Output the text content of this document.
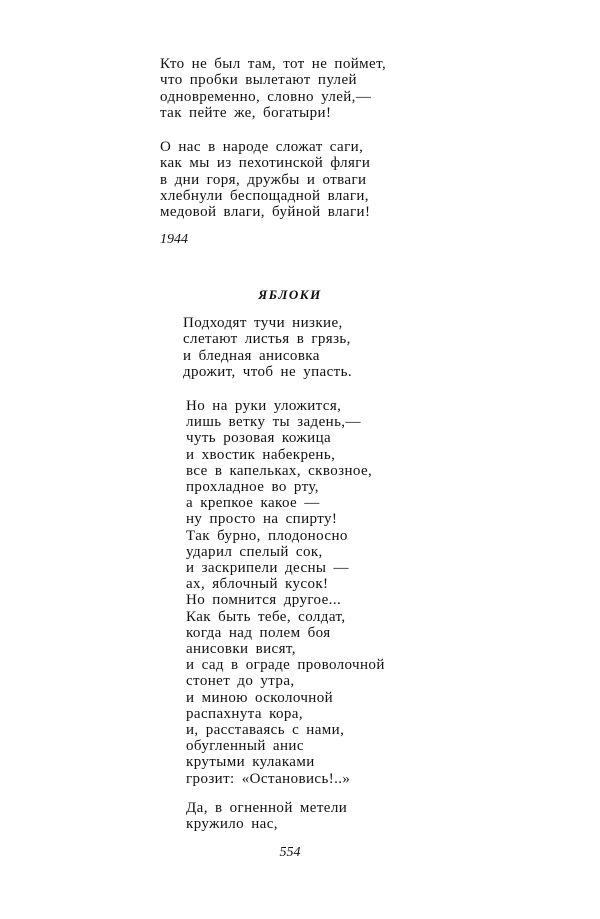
Кто не был там, тот не поймет,
что пробки вылетают пулей
одновременно, словно улей,—
так пейте же, богатыри!
О нас в народе сложат саги,
как мы из пехотинской фляги
в дни горя, дружбы и отваги
хлебнули беспощадной влаги,
медовой влаги, буйной влаги!
1944
ЯБЛОКИ
Подходят тучи низкие,
слетают листья в грязь,
и бледная анисовка
дрожит, чтоб не упасть.
Но на руки уложится,
лишь ветку ты задень,—
чуть розовая кожица
и хвостик набекрень,
все в капельках, сквозное,
прохладное во рту,
а крепкое какое —
ну просто на спирту!
Так бурно, плодоносно
ударил спелый сок,
и заскрипели десны —
ах, яблочный кусок!
Но помнится другое...
Как быть тебе, солдат,
когда над полем боя
анисовки висят,
и сад в ограде проволочной
стонет до утра,
и миною осколочной
распахнута кора,
и, расставаясь с нами,
обугленный анис
крутыми кулаками
грозит: «Остановись!..»
Да, в огненной метели
кружило нас,
554
